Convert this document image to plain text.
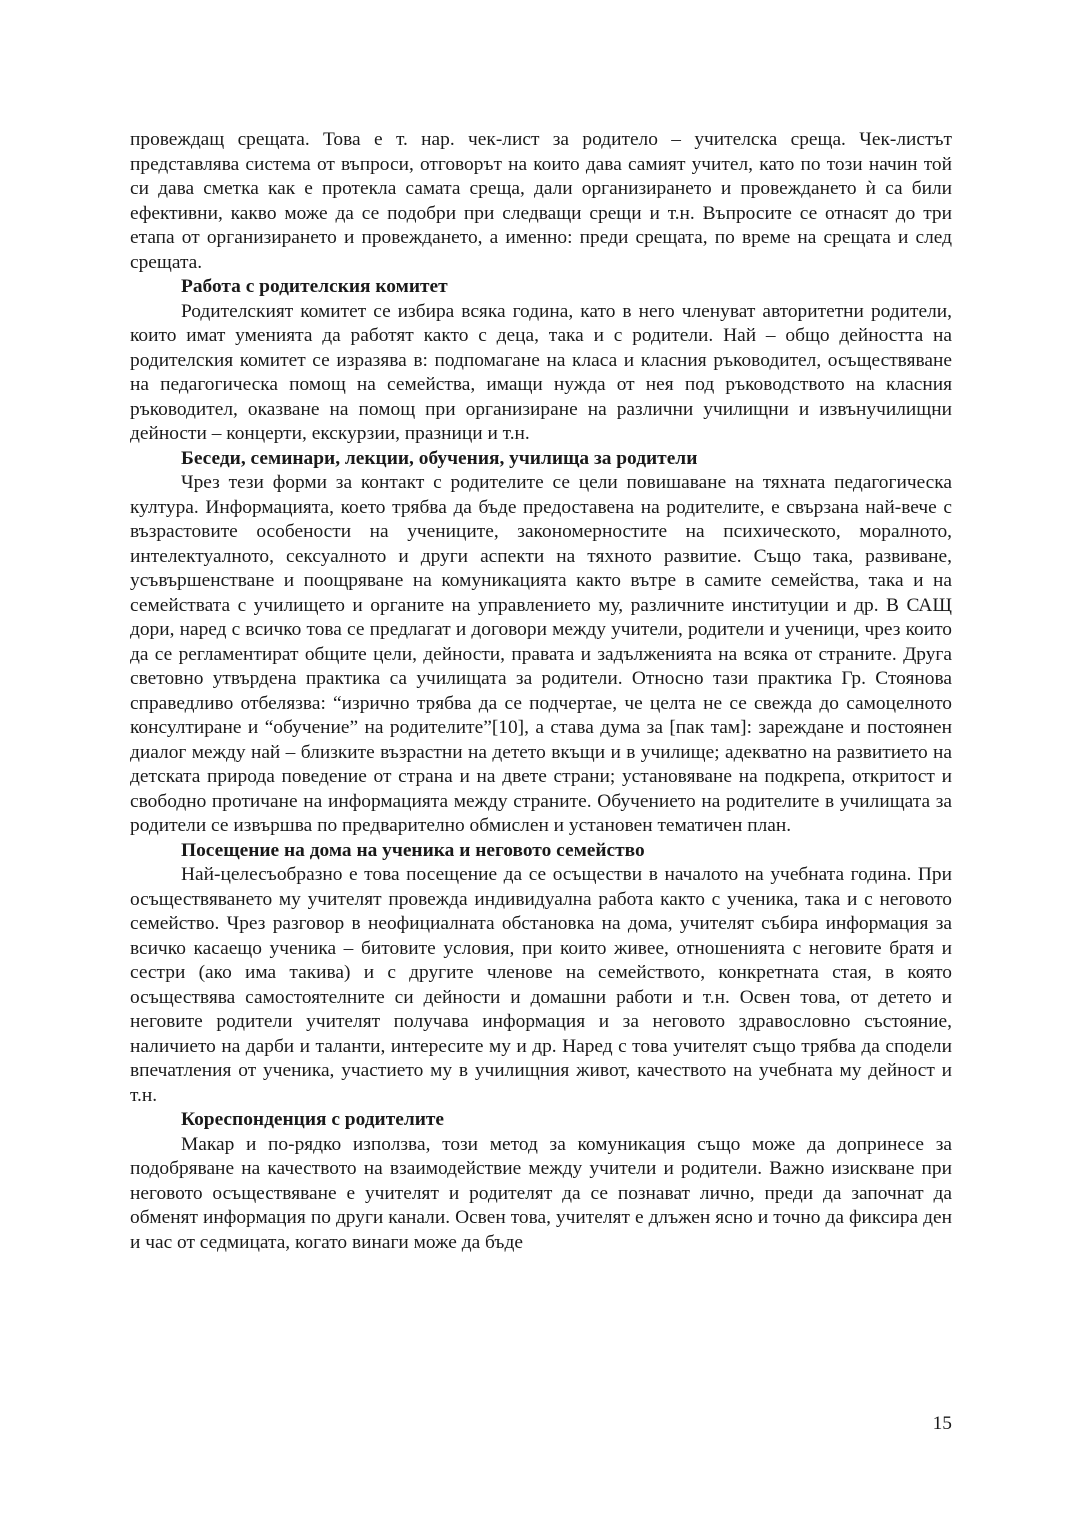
провеждащ срещата. Това е т. нар. чек-лист за родитело – учителска среща. Чек-листът представлява система от въпроси, отговорът на които дава самият учител, като по този начин той си дава сметка как е протекла самата среща, дали организирането и провеждането ѝ са били ефективни, какво може да се подобри при следващи срещи и т.н. Въпросите се отнасят до три етапа от организирането и провеждането, а именно: преди срещата, по време на срещата и след срещата.

Работа с родителския комитет

Родителският комитет се избира всяка година, като в него членуват авторитетни родители, които имат уменията да работят както с деца, така и с родители. Най – общо дейността на родителския комитет се изразява в: подпомагане на класа и класния ръководител, осъществяване на педагогическа помощ на семейства, имащи нужда от нея под ръководството на класния ръководител, оказване на помощ при организиране на различни училищни и извънучилищни дейности – концерти, екскурзии, празници и т.н.

Беседи, семинари, лекции, обучения, училища за родители

Чрез тези форми за контакт с родителите се цели повишаване на тяхната педагогическа култура. Информацията, което трябва да бъде предоставена на родителите, е свързана най-вече с възрастовите особености на учениците, закономерностите на психическото, моралното, интелектуалното, сексуалното и други аспекти на тяхното развитие. Също така, развиване, усъвършенстване и поощряване на комуникацията както вътре в самите семейства, така и на семействата с училището и органите на управлението му, различните институции и др. В САЩ дори, наред с всичко това се предлагат и договори между учители, родители и ученици, чрез които да се регламентират общите цели, дейности, правата и задълженията на всяка от страните. Друга световно утвърдена практика са училищата за родители. Относно тази практика Гр. Стоянова справедливо отбелязва: “изрично трябва да се подчертае, че целта не се свежда до самоцелното консултиране и “обучение” на родителите”[10], а става дума за [пак там]: зареждане и постоянен диалог между най – близките възрастни на детето вкъщи и в училище; адекватно на развитието на детската природа поведение от страна и на двете страни; установяване на подкрепа, откритост и свободно протичане на информацията между страните. Обучението на родителите в училищата за родители се извършва по предварително обмислен и установен тематичен план.

Посещение на дома на ученика и неговото семейство

Най-целесъобразно е това посещение да се осъществи в началото на учебната година. При осъществяването му учителят провежда индивидуална работа както с ученика, така и с неговото семейство. Чрез разговор в неофициалната обстановка на дома, учителят събира информация за всичко касаещо ученика – битовите условия, при които живее, отношенията с неговите братя и сестри (ако има такива) и с другите членове на семейството, конкретната стая, в която осъществява самостоятелните си дейности и домашни работи и т.н. Освен това, от детето и неговите родители учителят получава информация и за неговото здравословно състояние, наличието на дарби и таланти, интересите му и др. Наред с това учителят също трябва да сподели впечатления от ученика, участието му в училищния живот, качеството на учебната му дейност и т.н.

Кореспонденция с родителите

Макар и по-рядко използва, този метод за комуникация също може да допринесе за подобряване на качеството на взаимодействие между учители и родители. Важно изискване при неговото осъществяване е учителят и родителят да се познават лично, преди да започнат да обменят информация по други канали. Освен това, учителят е длъжен ясно и точно да фиксира ден и час от седмицата, когато винаги може да бъде

15
